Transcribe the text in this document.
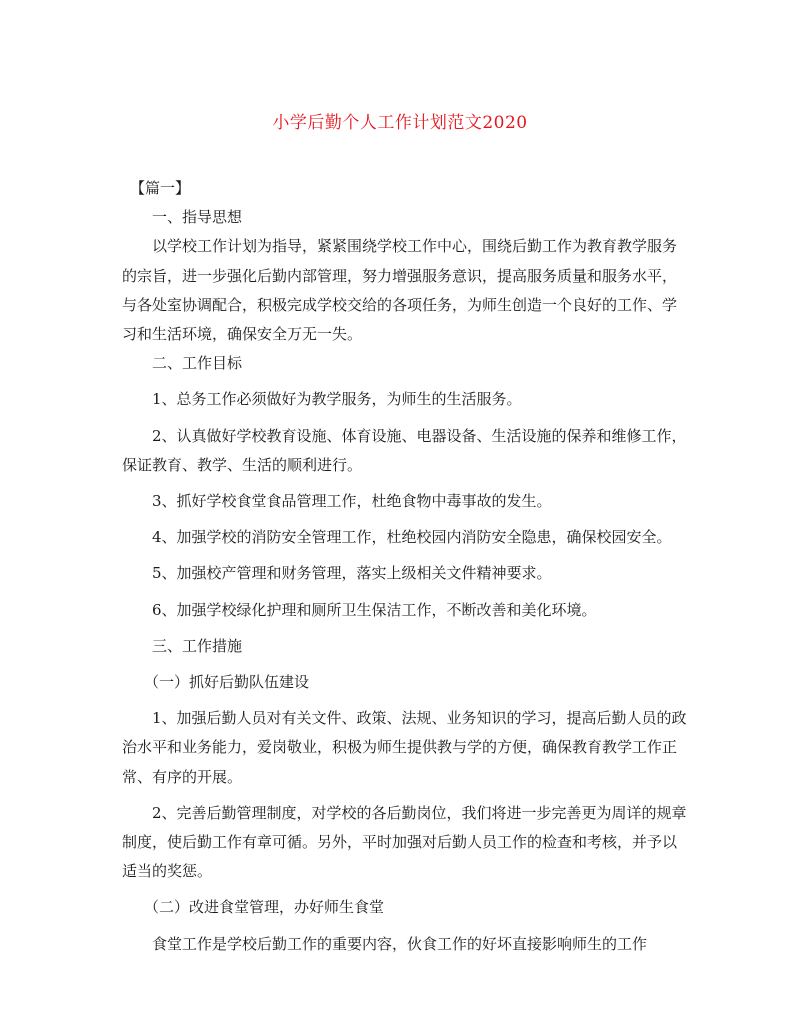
小学后勤个人工作计划范文2020

【篇一】

一、指导思想

以学校工作计划为指导，紧紧围绕学校工作中心，围绕后勤工作为教育教学服务的宗旨，进一步强化后勤内部管理，努力增强服务意识，提高服务质量和服务水平，与各处室协调配合，积极完成学校交给的各项任务，为师生创造一个良好的工作、学习和生活环境，确保安全万无一失。

二、工作目标

1、总务工作必须做好为教学服务，为师生的生活服务。

2、认真做好学校教育设施、体育设施、电器设备、生活设施的保养和维修工作，保证教育、教学、生活的顺利进行。

3、抓好学校食堂食品管理工作，杜绝食物中毒事故的发生。

4、加强学校的消防安全管理工作，杜绝校园内消防安全隐患，确保校园安全。

5、加强校产管理和财务管理，落实上级相关文件精神要求。

6、加强学校绿化护理和厕所卫生保洁工作，不断改善和美化环境。

三、工作措施

（一）抓好后勤队伍建设

1、加强后勤人员对有关文件、政策、法规、业务知识的学习，提高后勤人员的政治水平和业务能力，爱岗敬业，积极为师生提供教与学的方便，确保教育教学工作正常、有序的开展。

2、完善后勤管理制度，对学校的各后勤岗位，我们将进一步完善更为周详的规章制度，使后勤工作有章可循。另外，平时加强对后勤人员工作的检查和考核，并予以适当的奖惩。

（二）改进食堂管理，办好师生食堂

食堂工作是学校后勤工作的重要内容，伙食工作的好坏直接影响师生的工作
